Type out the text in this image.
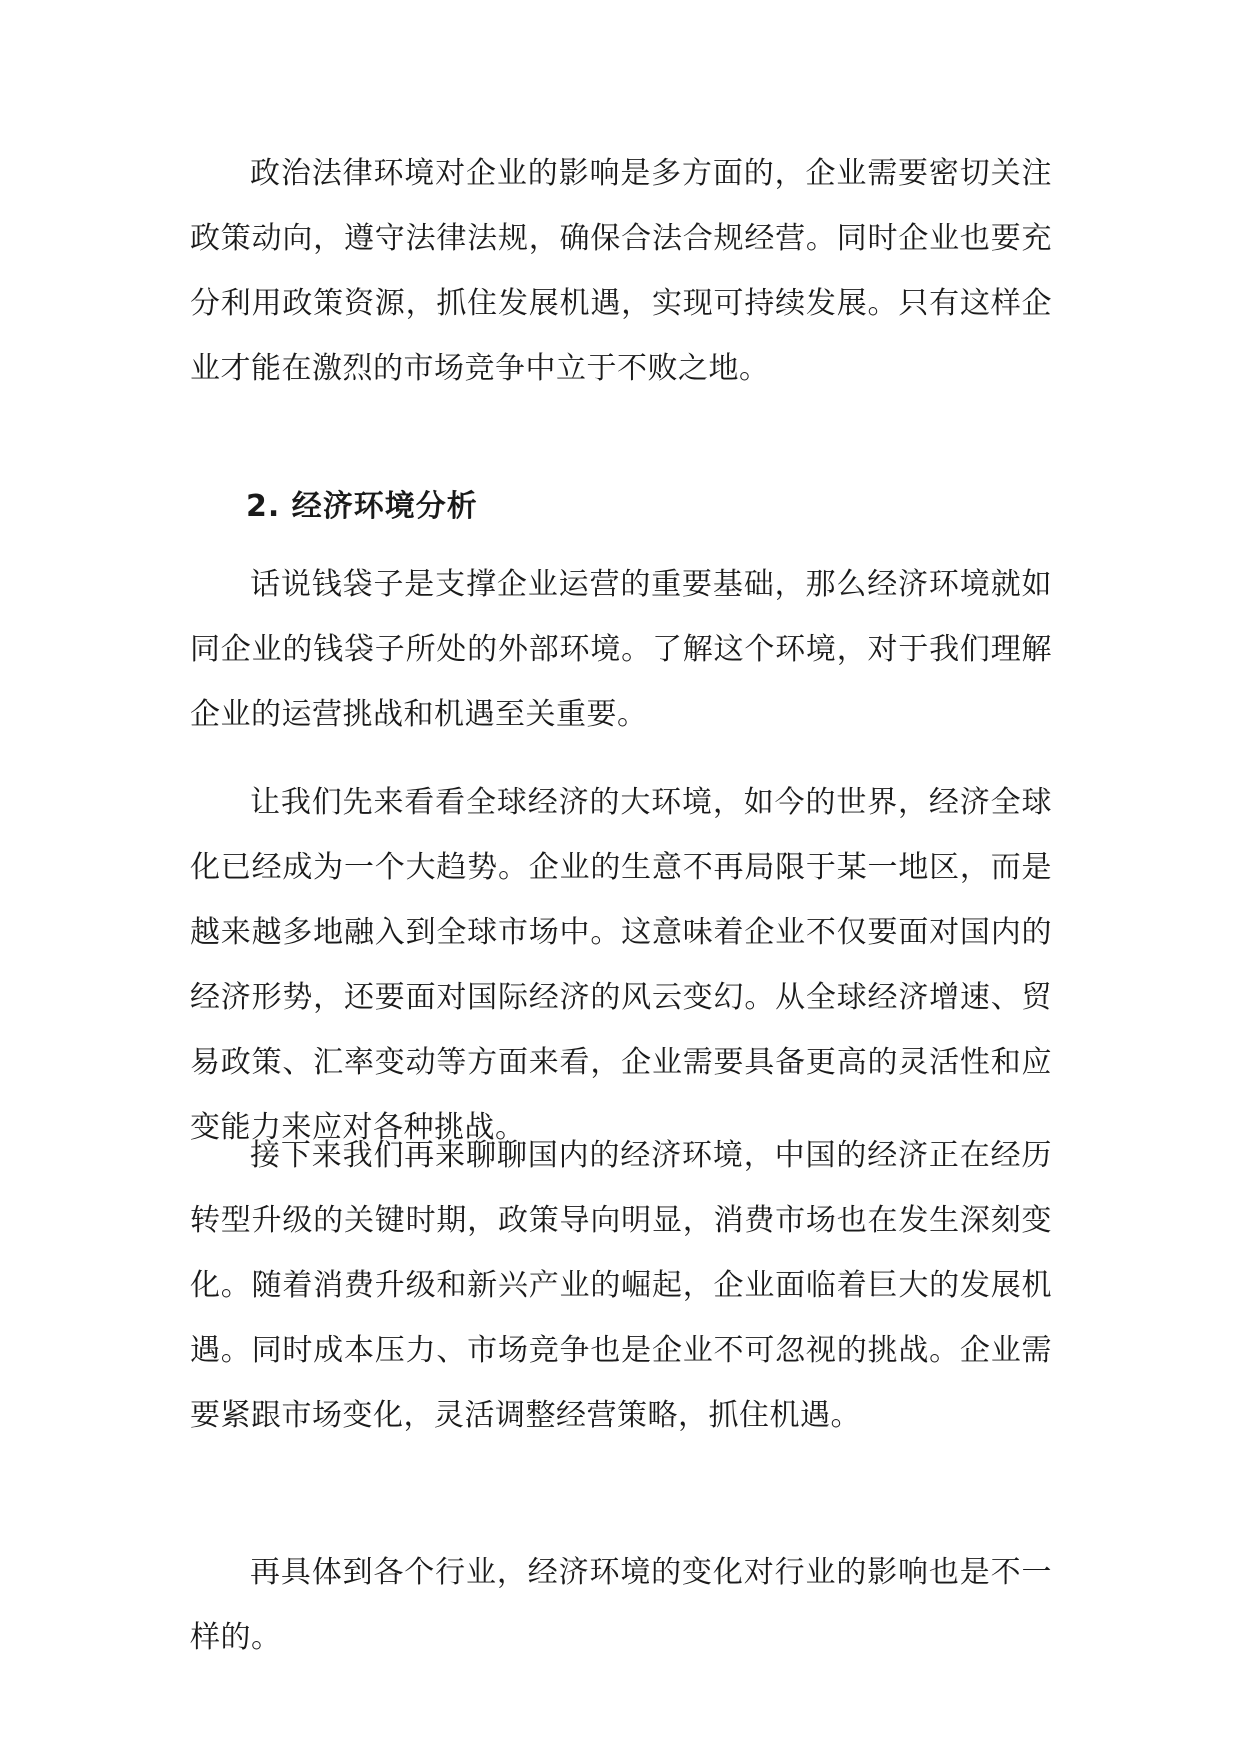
政治法律环境对企业的影响是多方面的，企业需要密切关注政策动向，遵守法律法规，确保合法合规经营。同时企业也要充分利用政策资源，抓住发展机遇，实现可持续发展。只有这样企业才能在激烈的市场竞争中立于不败之地。

2. 经济环境分析

话说钱袋子是支撑企业运营的重要基础，那么经济环境就如同企业的钱袋子所处的外部环境。了解这个环境，对于我们理解企业的运营挑战和机遇至关重要。

让我们先来看看全球经济的大环境，如今的世界，经济全球化已经成为一个大趋势。企业的生意不再局限于某一地区，而是越来越多地融入到全球市场中。这意味着企业不仅要面对国内的经济形势，还要面对国际经济的风云变幻。从全球经济增速、贸易政策、汇率变动等方面来看，企业需要具备更高的灵活性和应变能力来应对各种挑战。

接下来我们再来聊聊国内的经济环境，中国的经济正在经历转型升级的关键时期，政策导向明显，消费市场也在发生深刻变化。随着消费升级和新兴产业的崛起，企业面临着巨大的发展机遇。同时成本压力、市场竞争也是企业不可忽视的挑战。企业需要紧跟市场变化，灵活调整经营策略，抓住机遇。

再具体到各个行业，经济环境的变化对行业的影响也是不一样的。
